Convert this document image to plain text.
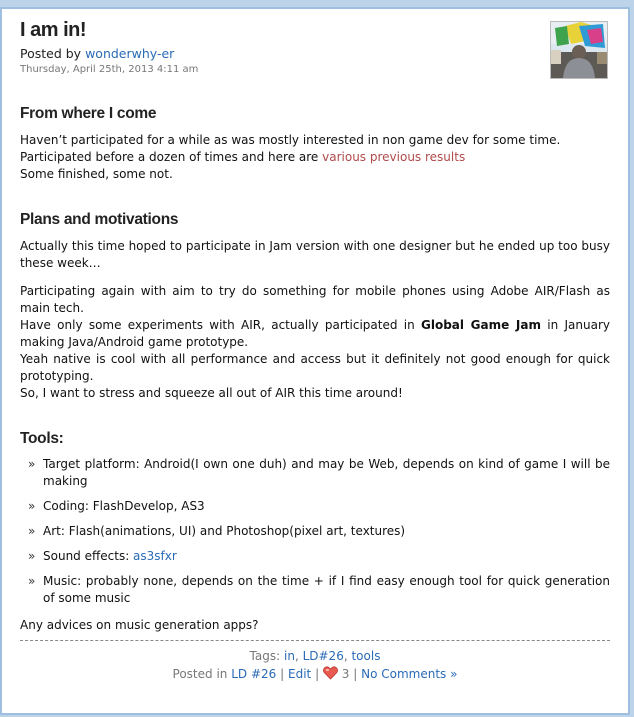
I am in!
Posted by wonderwhy-er
Thursday, April 25th, 2013 4:11 am
From where I come

Haven’t participated for a while as was mostly interested in non game dev for some time.

Participated before a dozen of times and here are various previous results

Some finished, some not.

Plans and motivations

Actually this time hoped to participate in Jam version with one designer but he ended up too busy these week…

Participating again with aim to try do something for mobile phones using Adobe AIR/Flash as main tech.

Have only some experiments with AIR, actually participated in Global Game Jam in January making Java/Android game prototype.

Yeah native is cool with all performance and access but it definitely not good enough for quick prototyping.

So, I want to stress and squeeze all out of AIR this time around!

Tools:
» Target platform: Android(I own one duh) and may be Web, depends on kind of game I will be making
» Coding: FlashDevelop, AS3
» Art: Flash(animations, UI) and Photoshop(pixel art, textures)
» Sound effects: as3sfxr
» Music: probably none, depends on the time + if I find easy enough tool for quick generation of some music

Any advices on music generation apps?

Tags: in, LD#26, tools
Posted in LD #26 | Edit | 3 | No Comments »
